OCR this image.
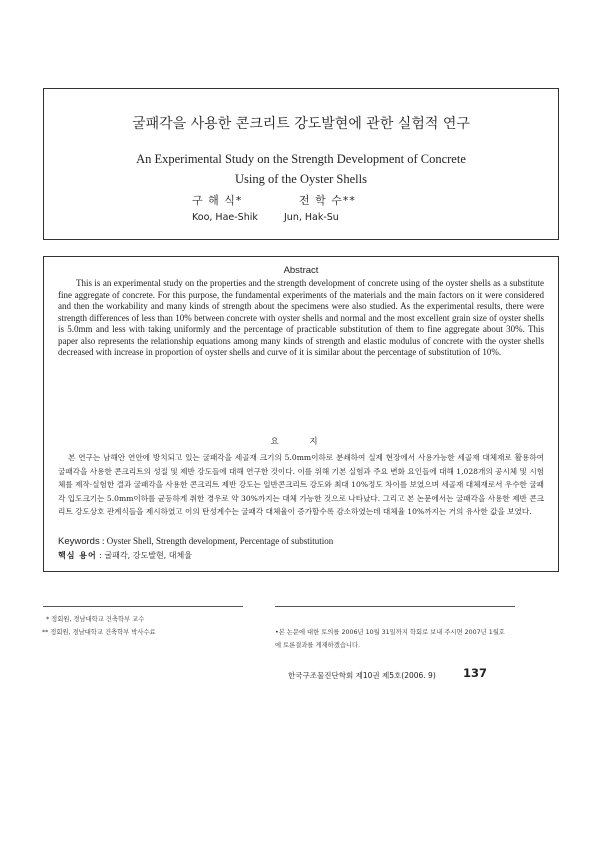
굴패각을 사용한 콘크리트 강도발현에 관한 실험적 연구
An Experimental Study on the Strength Development of Concrete
Using of the Oyster Shells
구 해 식*	전 학 수**
Koo, Hae-Shik	Jun, Hak-Su
Abstract

This is an experimental study on the properties and the strength development of concrete using of the oyster shells as a substitute fine aggregate of concrete. For this purpose, the fundamental experiments of the materials and the main factors on it were considered and then the workability and many kinds of strength about the specimens were also studied. As the experimental results, there were strength differences of less than 10% between concrete with oyster shells and normal and the most excellent grain size of oyster shells is 5.0mm and less with taking uniformly and the percentage of practicable substitution of them to fine aggregate about 30%. This paper also represents the relationship equations among many kinds of strength and elastic modulus of concrete with the oyster shells decreased with increase in proportion of oyster shells and curve of it is similar about the percentage of substitution of 10%.

요 지

본 연구는 남해안 연안에 방치되고 있는 굴패각을 세골재 크기의 5.0mm이하로 분쇄하여 실제 현장에서 사용가능한 세골재 대체재로 활용하여 굴패각을 사용한 콘크리트의 성질 및 제반 강도들에 대해 연구한 것이다. 이를 위해 기본 실험과 주요 변화 요인들에 대해 1,028개의 공시체 및 시험체를 제작·실험한 결과 굴패각을 사용한 콘크리트 제반 강도는 일반콘크리트 강도와 최대 10%정도 차이를 보였으며 세골재 대체재로서 우수한 굴패각 입도크기는 5.0mm이하를 균등하게 취한 경우로 약 30%까지는 대체 가능한 것으로 나타났다. 그리고 본 논문에서는 굴패각을 사용한 제반 콘크리트 강도상호 관계식들을 제시하였고 이의 탄성계수는 굴패각 대체율이 증가할수록 감소하였는데 대체율 10%까지는 거의 유사한 값을 보였다.

Keywords : Oyster Shell, Strength development, Percentage of substitution
핵심 용어 : 굴패각, 강도발현, 대체율
* 정회원, 경남대학교 건축학부 교수
** 정회원, 경남대학교 건축학부 박사수료	•본 논문에 대한 토의를 2006년 10월 31일까지 학회로 보내 주시면 2007년 1월호에 토론결과를 게재하겠습니다.
한국구조물진단학회 제10권 제5호(2006. 9) 137
